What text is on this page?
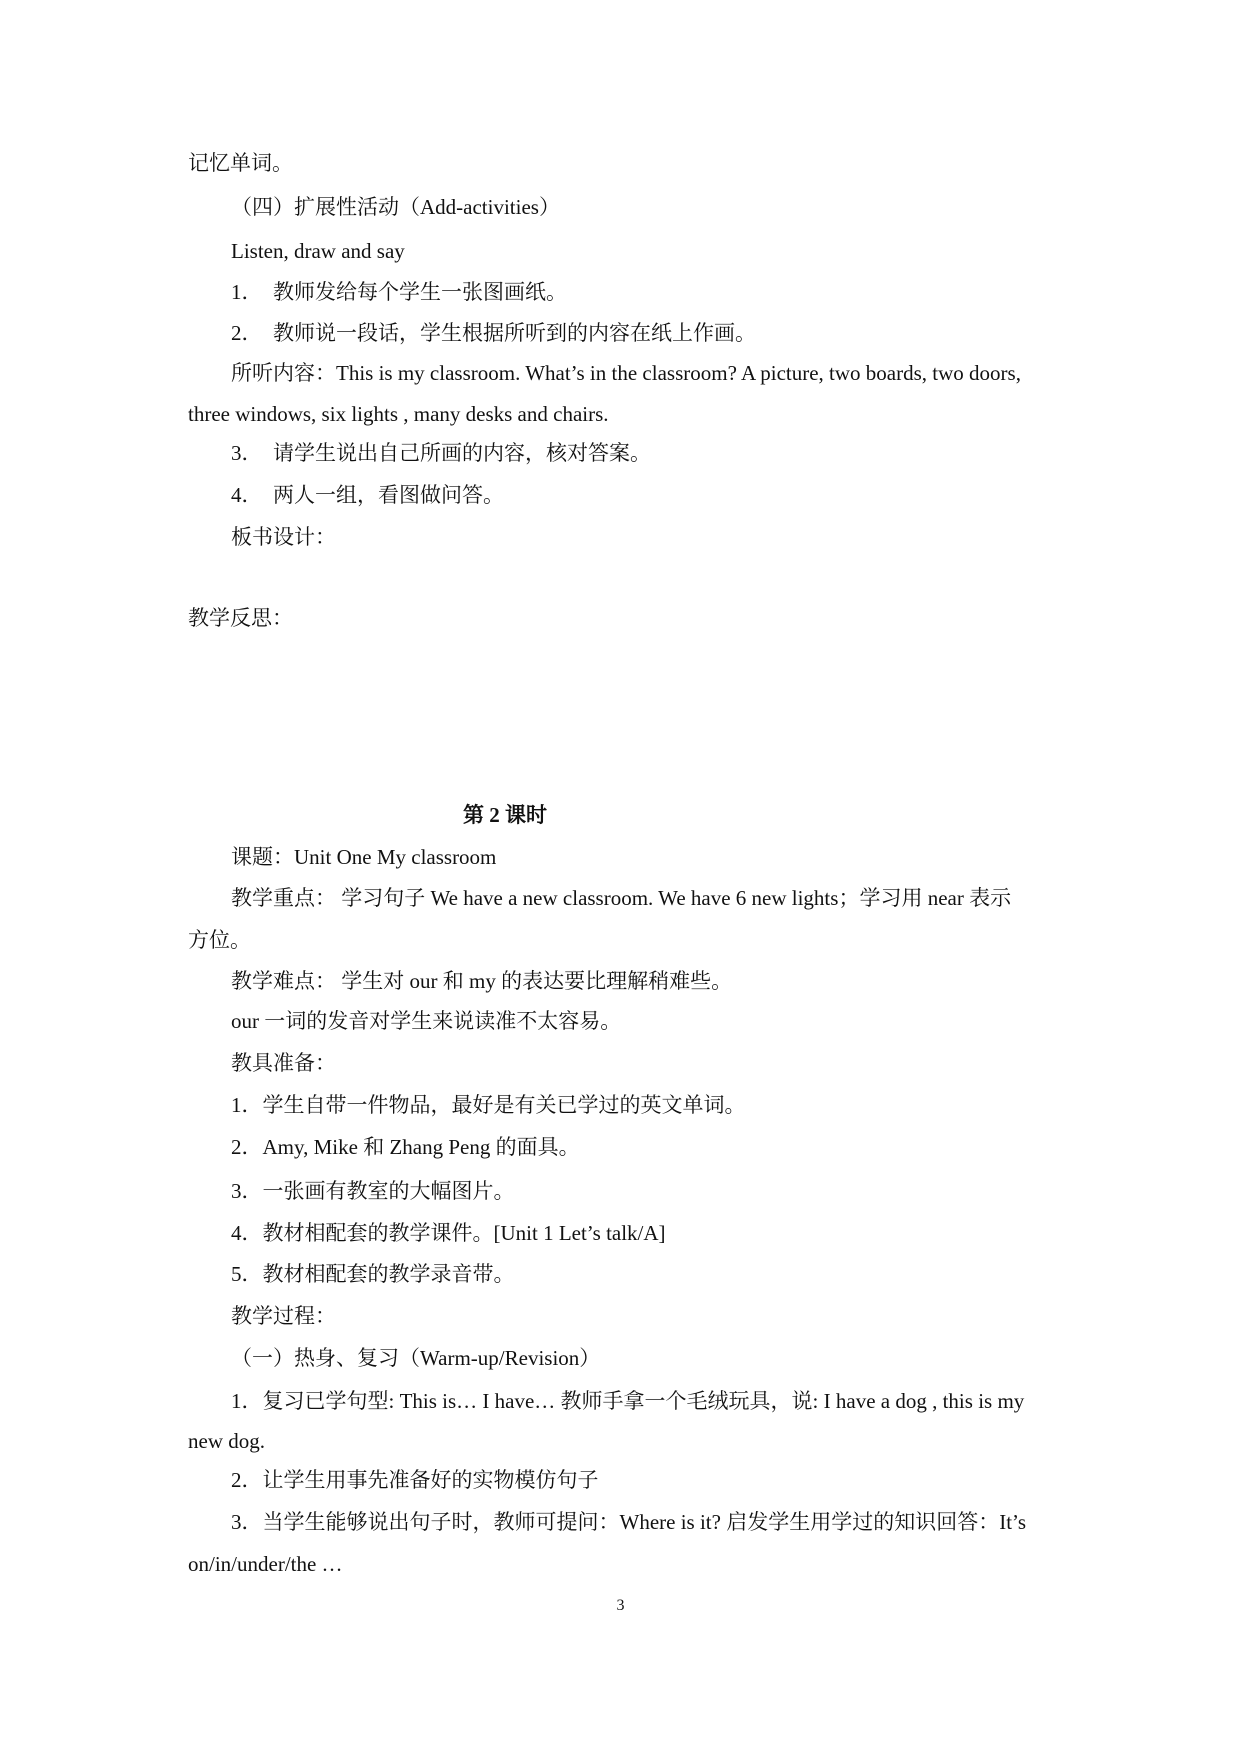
记忆单词。

（四）扩展性活动（Add-activities）

Listen, draw and say

1．　教师发给每个学生一张图画纸。

2．　教师说一段话，学生根据所听到的内容在纸上作画。

所听内容：This is my classroom. What’s in the classroom? A picture, two boards, two doors,

three windows, six lights , many desks and chairs.

3．　请学生说出自己所画的内容，核对答案。

4．　两人一组，看图做问答。

板书设计：

教学反思：

第 2 课时

课题：Unit One My classroom

教学重点： 学习句子 We have a new classroom. We have 6 new lights；学习用 near 表示

方位。

教学难点： 学生对 our 和 my 的表达要比理解稍难些。

our 一词的发音对学生来说读准不太容易。

教具准备：

1．学生自带一件物品，最好是有关已学过的英文单词。

2．Amy, Mike 和 Zhang Peng 的面具。

3．一张画有教室的大幅图片。

4．教材相配套的教学课件。[Unit 1 Let’s talk/A]

5．教材相配套的教学录音带。

教学过程：

（一）热身、复习（Warm-up/Revision）

1．复习已学句型: This is… I have… 教师手拿一个毛绒玩具，说: I have a dog , this is my

new dog.

2．让学生用事先准备好的实物模仿句子

3．当学生能够说出句子时，教师可提问：Where is it? 启发学生用学过的知识回答：It’s

on/in/under/the …

3
